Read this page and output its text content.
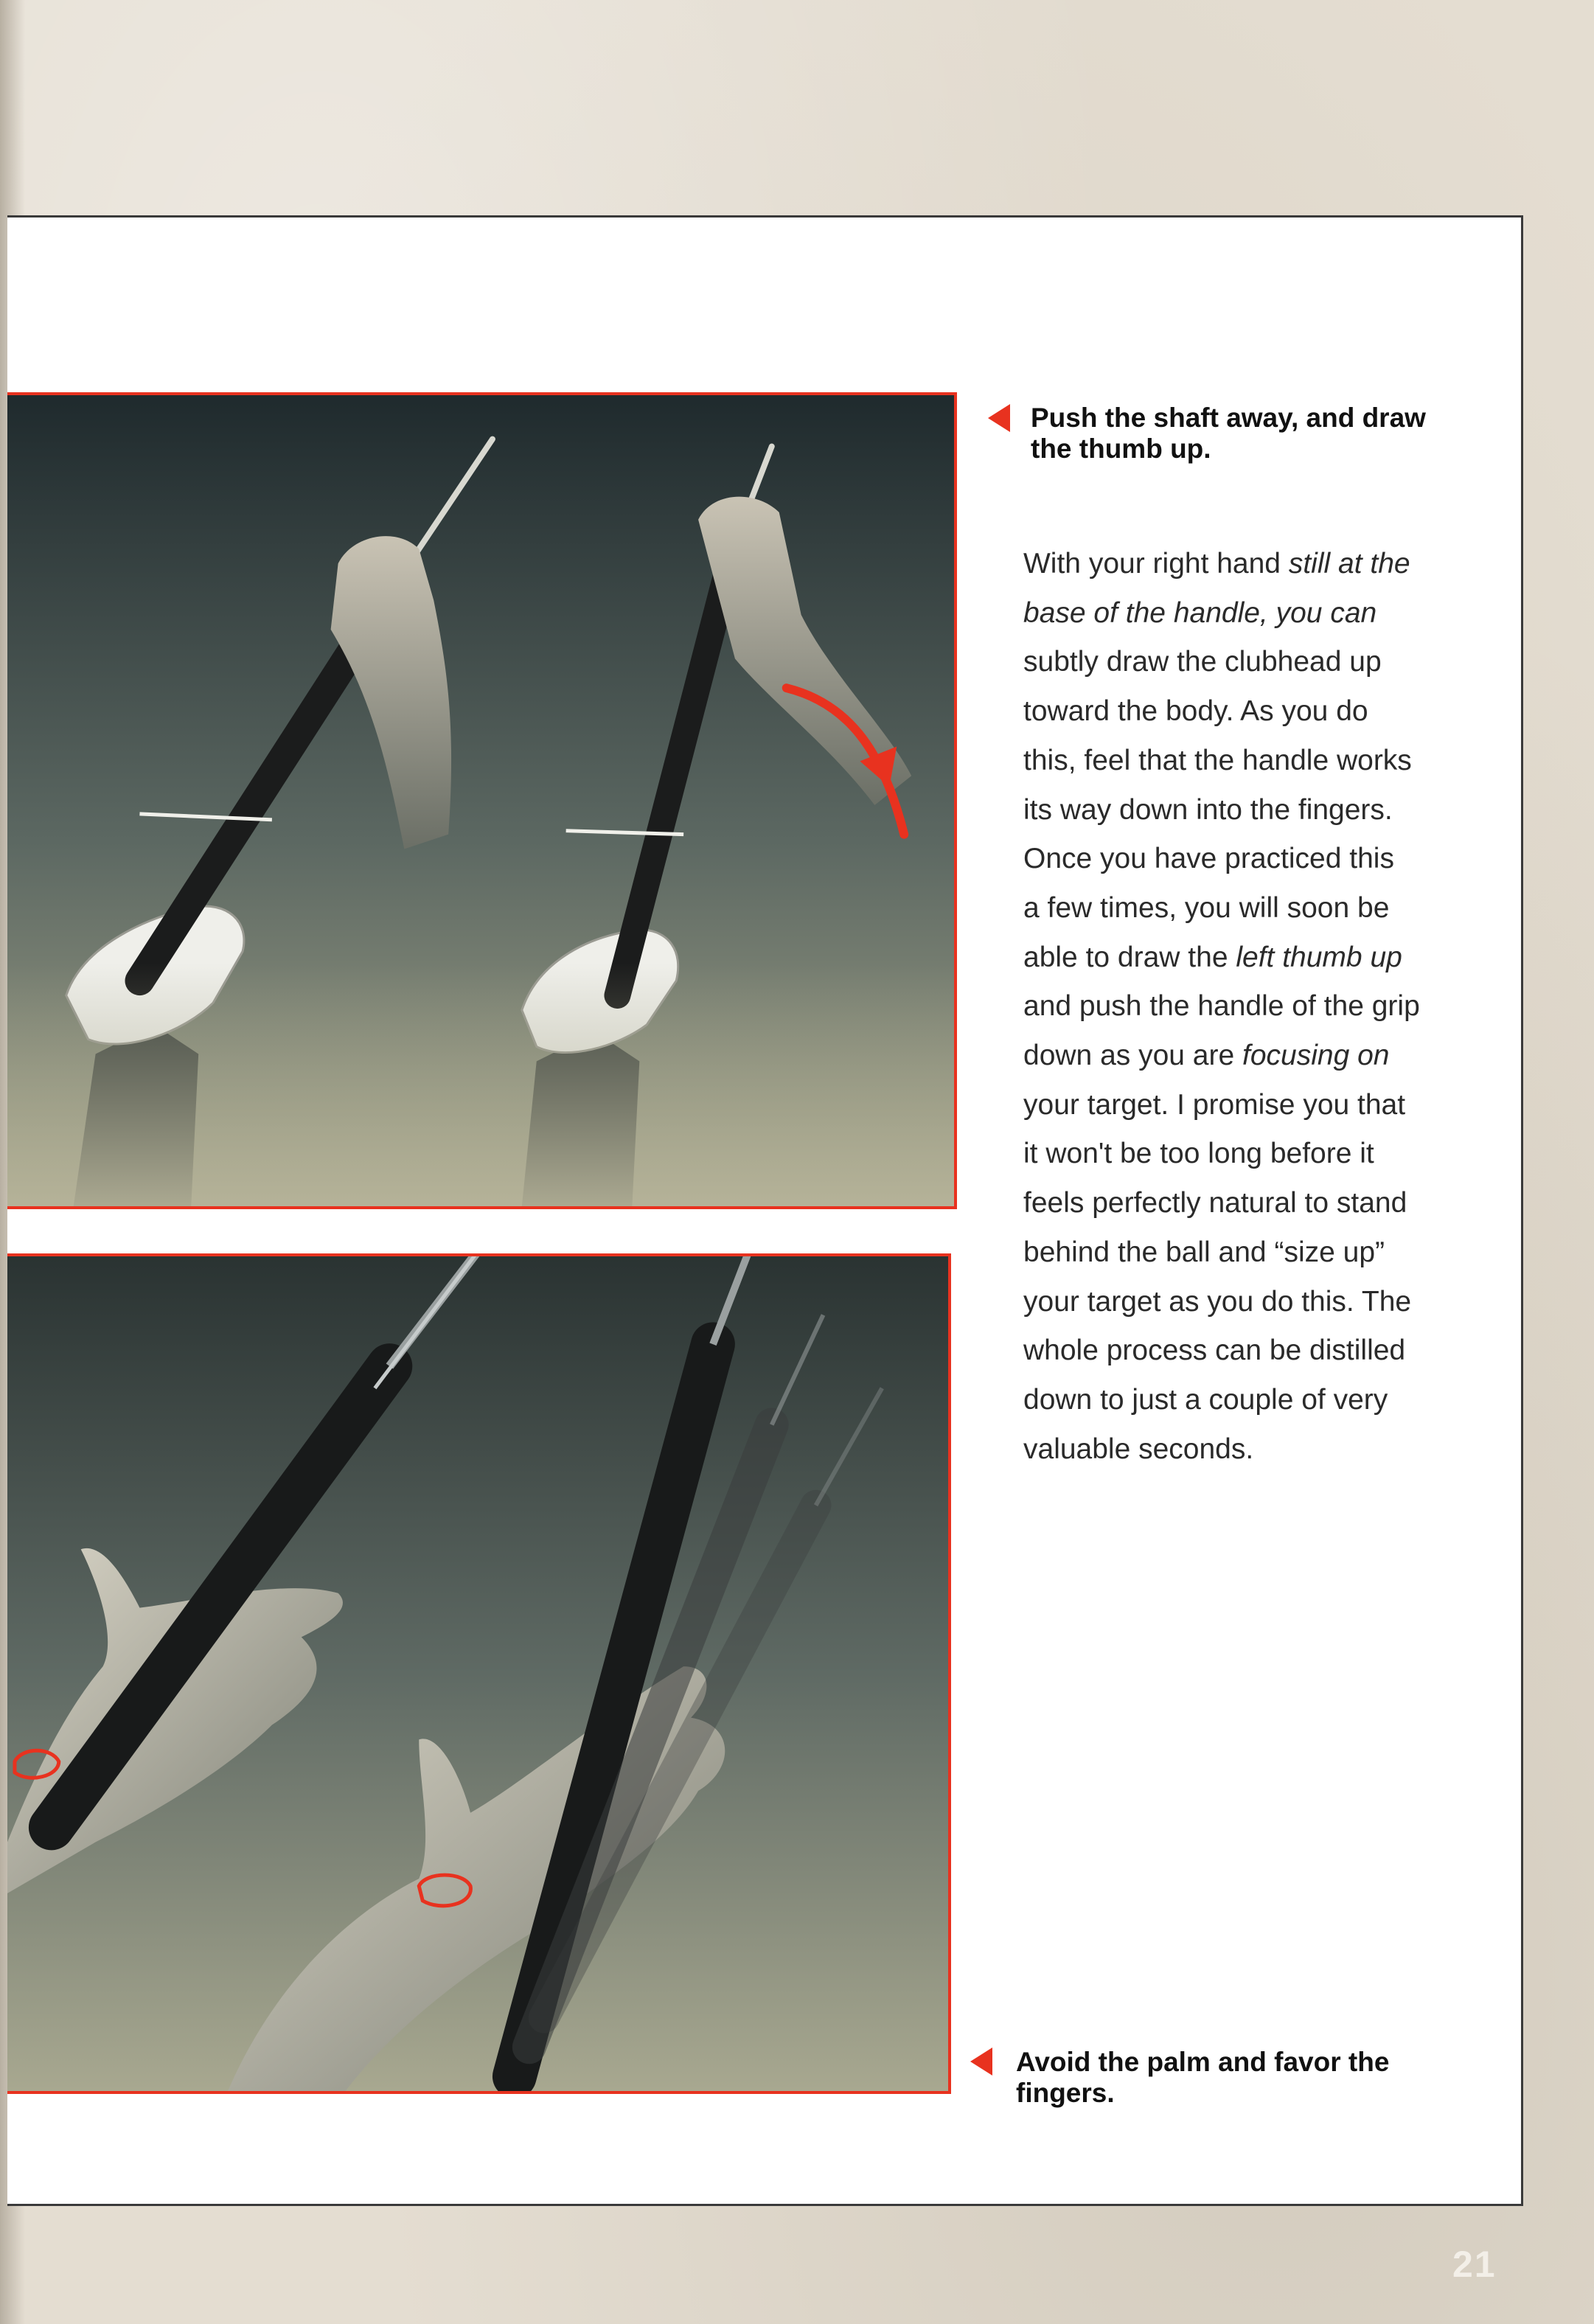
Push the shaft away, and draw the thumb up.
Avoid the palm and favor the fingers.
With your right hand still at the
base of the handle, you can
subtly draw the clubhead up
toward the body. As you do
this, feel that the handle works
its way down into the fingers.
Once you have practiced this
a few times, you will soon be
able to draw the left thumb up
and push the handle of the grip
down as you are focusing on
your target. I promise you that
it won't be too long before it
feels perfectly natural to stand
behind the ball and “size up”
your target as you do this. The
whole process can be distilled
down to just a couple of very
valuable seconds.
21
